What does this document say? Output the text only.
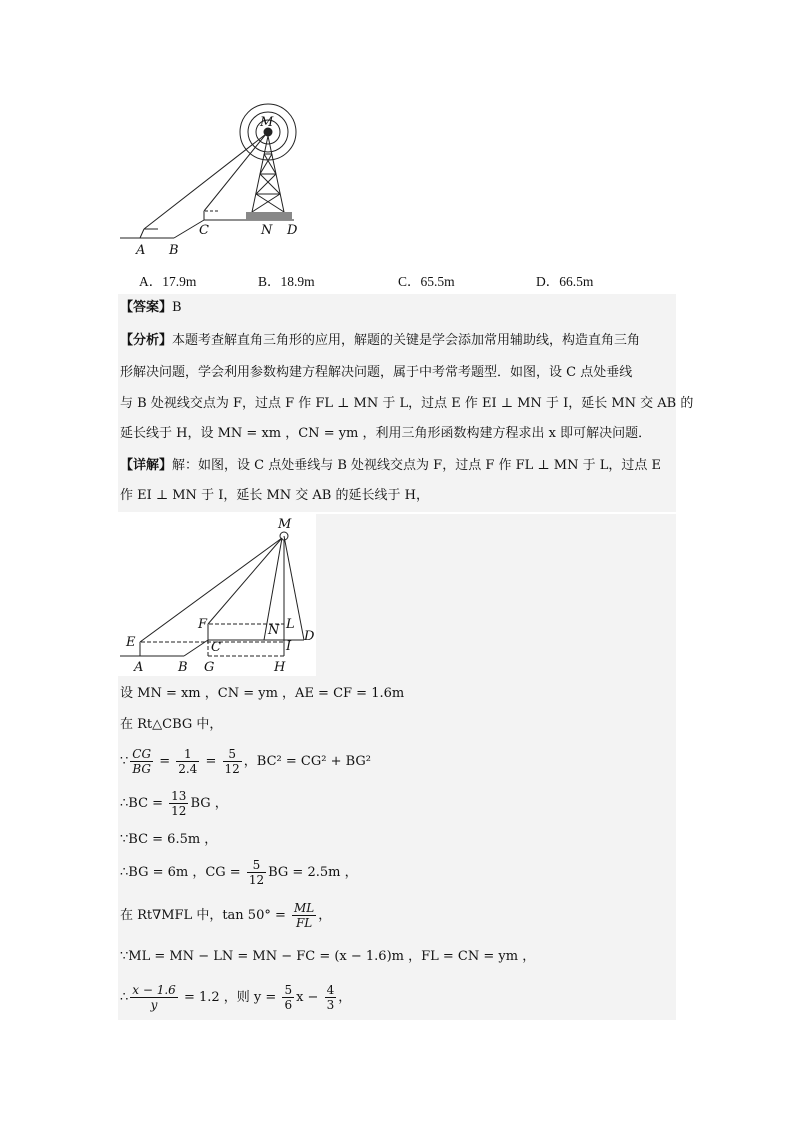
M
A B
C	N D
A．17.9m	B．18.9m	C．65.5m	D．66.5m
【答案】B
【分析】本题考查解直角三角形的应用，解题的关键是学会添加常用辅助线，构造直角三角
形解决问题，学会利用参数构建方程解决问题，属于中考常考题型．如图，设 C 点处垂线
与 B 处视线交点为 F，过点 F 作 FL ⊥ MN 于 L，过点 E 作 EI ⊥ MN 于 I，延长 MN 交 AB 的
延长线于 H，设 MN = xm ，CN = ym ，利用三角形函数构建方程求出 x 即可解决问题．
【详解】解：如图，设 C 点处垂线与 B 处视线交点为 F，过点 F 作 FL ⊥ MN 于 L，过点 E
作 EI ⊥ MN 于 I，延长 MN 交 AB 的延长线于 H，
M
E
F	N L
D
C	I
A	B G	H
设 MN = xm ，CN = ym ，AE = CF = 1.6m
在 Rt△CBG 中，
∵ $\frac{CG}{BG} = \frac{1}{2.4} = \frac{5}{12}$ ，BC² = CG² + BG²
∴BC = $\frac{13}{12}$ BG ，
∵BC = 6.5m ，
∴BG = 6m ，CG = $\frac{5}{12}$ BG = 2.5m ，
在 Rt∇MFL 中，$\tan 50^\circ = \frac{ML}{FL}$ ，
∵ML = MN − LN = MN − FC = (x − 1.6)m ，FL = CN = ym ，
∴ $\frac{x - 1.6}{y} = 1.2$ ，则 $y = \frac{5}{6}$ $x - \frac{4}{3}$ ，
